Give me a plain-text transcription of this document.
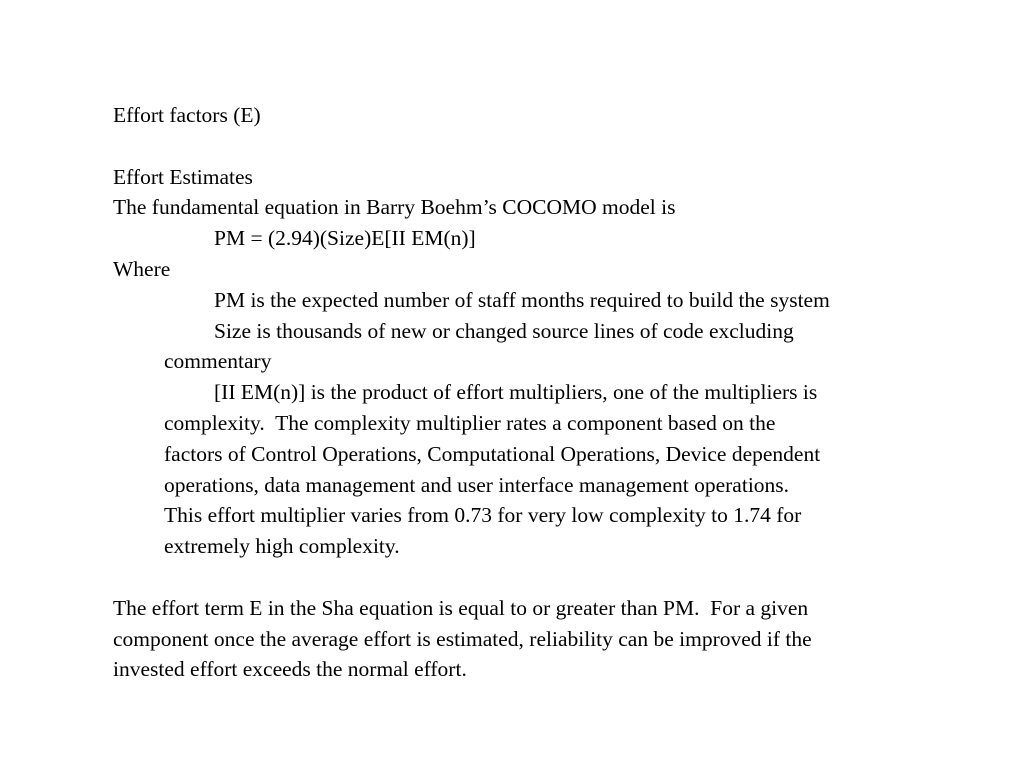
Effort factors (E)
Effort Estimates
The fundamental equation in Barry Boehm’s COCOMO model is
PM = (2.94)(Size)E[II EM(n)]
Where
PM is the expected number of staff months required to build the system
Size is thousands of new or changed source lines of code excluding
commentary
[II EM(n)] is the product of effort multipliers, one of the multipliers is
complexity.  The complexity multiplier rates a component based on the
factors of Control Operations, Computational Operations, Device dependent
operations, data management and user interface management operations.
This effort multiplier varies from 0.73 for very low complexity to 1.74 for
extremely high complexity.
The effort term E in the Sha equation is equal to or greater than PM.  For a given
component once the average effort is estimated, reliability can be improved if the
invested effort exceeds the normal effort.
